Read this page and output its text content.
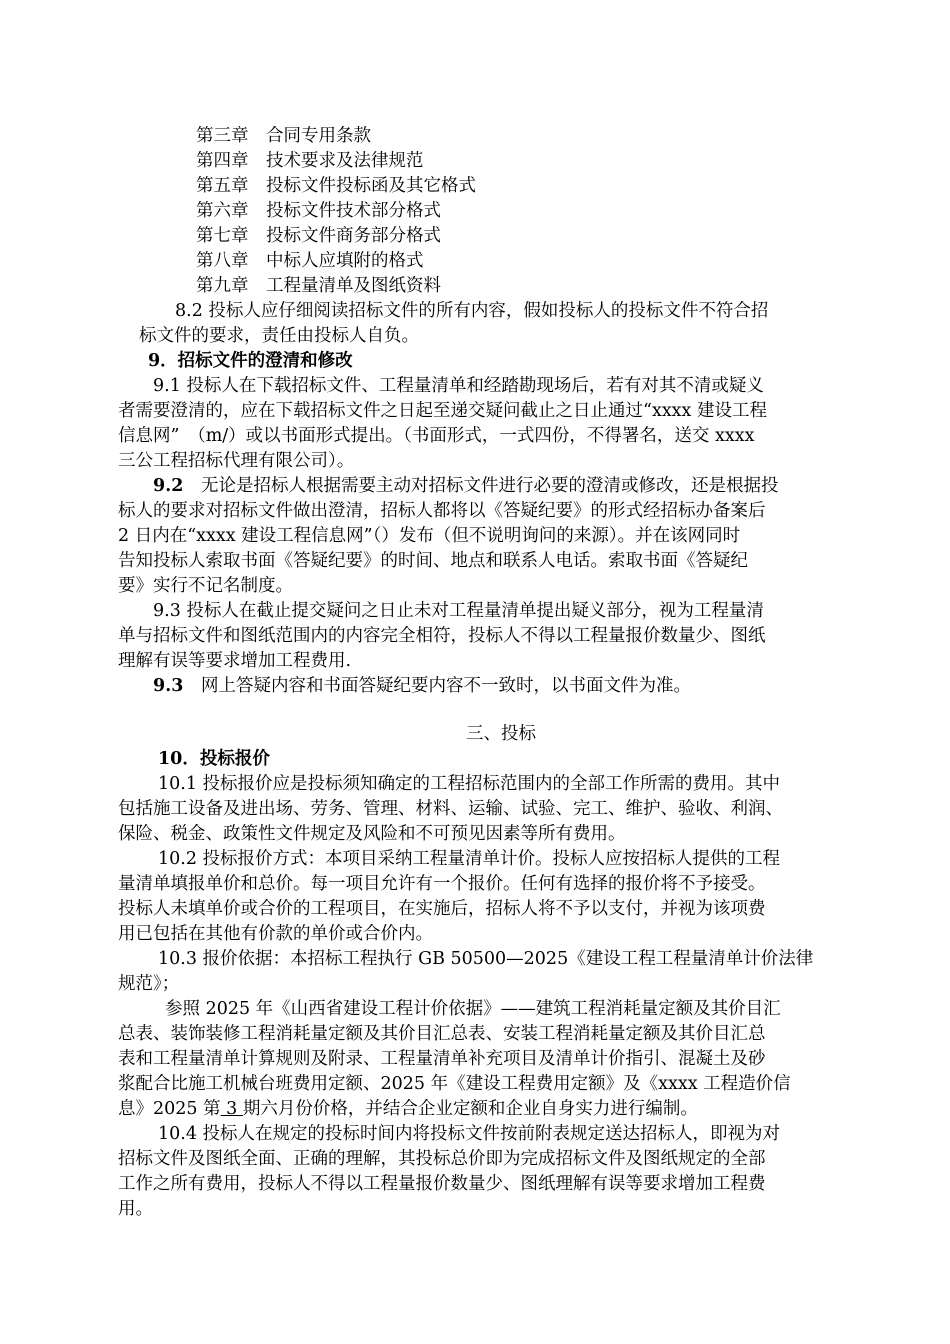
第三章　合同专用条款
第四章　技术要求及法律规范
第五章　投标文件投标函及其它格式
第六章　投标文件技术部分格式
第七章　投标文件商务部分格式
第八章　中标人应填附的格式
第九章　工程量清单及图纸资料
8.2 投标人应仔细阅读招标文件的所有内容，假如投标人的投标文件不符合招
标文件的要求，责任由投标人自负。
9．招标文件的澄清和修改
9.1 投标人在下载招标文件、工程量清单和经踏勘现场后，若有对其不清或疑义
者需要澄清的，应在下载招标文件之日起至递交疑问截止之日止通过“xxxx 建设工程
信息网”　（m/）或以书面形式提出。（书面形式，一式四份，不得署名，送交 xxxx
三公工程招标代理有限公司）。
9.2　无论是招标人根据需要主动对招标文件进行必要的澄清或修改，还是根据投
标人的要求对招标文件做出澄清，招标人都将以《答疑纪要》的形式经招标办备案后
2 日内在“xxxx 建设工程信息网”（）发布（但不说明询问的来源）。并在该网同时
告知投标人索取书面《答疑纪要》的时间、地点和联系人电话。索取书面《答疑纪
要》实行不记名制度。
9.3 投标人在截止提交疑问之日止未对工程量清单提出疑义部分，视为工程量清
单与招标文件和图纸范围内的内容完全相符，投标人不得以工程量报价数量少、图纸
理解有误等要求增加工程费用.
9.3　网上答疑内容和书面答疑纪要内容不一致时，以书面文件为准。
三、投标
10．投标报价
10.1 投标报价应是投标须知确定的工程招标范围内的全部工作所需的费用。其中
包括施工设备及进出场、劳务、管理、材料、运输、试验、完工、维护、验收、利润、
保险、税金、政策性文件规定及风险和不可预见因素等所有费用。
10.2 投标报价方式：本项目采纳工程量清单计价。投标人应按招标人提供的工程
量清单填报单价和总价。每一项目允许有一个报价。任何有选择的报价将不予接受。
投标人未填单价或合价的工程项目，在实施后，招标人将不予以支付，并视为该项费
用已包括在其他有价款的单价或合价内。
10.3 报价依据：本招标工程执行 GB 50500—2025《建设工程工程量清单计价法律
规范》；
参照 2025 年《山西省建设工程计价依据》——建筑工程消耗量定额及其价目汇
总表、装饰装修工程消耗量定额及其价目汇总表、安装工程消耗量定额及其价目汇总
表和工程量清单计算规则及附录、工程量清单补充项目及清单计价指引、混凝土及砂
浆配合比施工机械台班费用定额、2025 年《建设工程费用定额》及《xxxx 工程造价信
息》2025 第 3 期六月份价格，并结合企业定额和企业自身实力进行编制。
10.4 投标人在规定的投标时间内将投标文件按前附表规定送达招标人，即视为对
招标文件及图纸全面、正确的理解，其投标总价即为完成招标文件及图纸规定的全部
工作之所有费用，投标人不得以工程量报价数量少、图纸理解有误等要求增加工程费
用。
